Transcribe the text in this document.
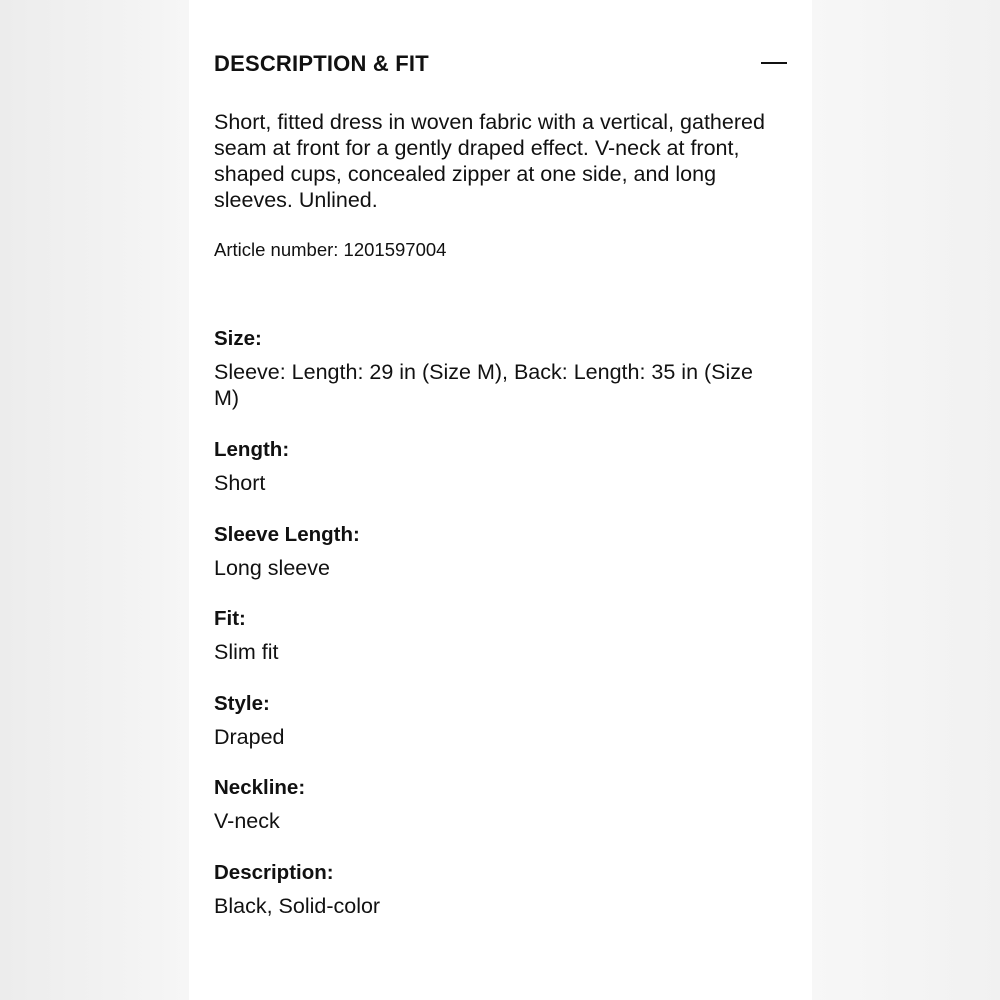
DESCRIPTION & FIT

Short, fitted dress in woven fabric with a vertical, gathered seam at front for a gently draped effect. V-neck at front, shaped cups, concealed zipper at one side, and long sleeves. Unlined.

Article number: 1201597004
Size:
Sleeve: Length: 29 in (Size M), Back: Length: 35 in (Size M)
Length:
Short
Sleeve Length:
Long sleeve
Fit:
Slim fit
Style:
Draped
Neckline:
V-neck
Description:
Black, Solid-color
